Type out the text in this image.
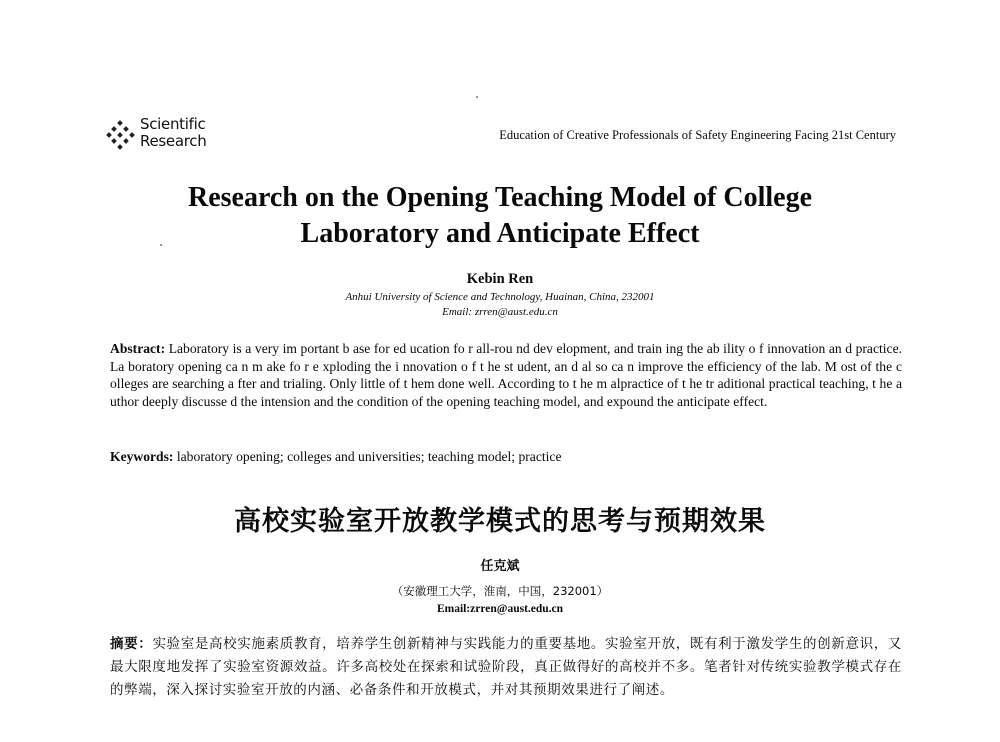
Scientific
Research	Education of Creative Professionals of Safety Engineering Facing 21st Century
Research on the Opening Teaching Model of College
Laboratory and Anticipate Effect
Kebin Ren
Anhui University of Science and Technology, Huainan, China, 232001
Email: zrren@aust.edu.cn
Abstract: Laboratory is a very im portant b ase for ed ucation fo r all-rou nd dev elopment, and train ing the ab ility o f innovation an d practice. La boratory opening ca n m ake fo r e xploding the i nnovation o f t he st udent, an d al so ca n improve the efficiency of the lab. M ost of the c olleges are searching a fter and trialing. Only little of t hem done well. According to t he m alpractice of t he tr aditional practical teaching, t he a uthor deeply discusse d the intension and the condition of the opening teaching model, and expound the anticipate effect.
Keywords: laboratory opening; colleges and universities; teaching model; practice
高校实验室开放教学模式的思考与预期效果
任克斌
（安徽理工大学，淮南，中国，232001）
Email:zrren@aust.edu.cn
摘要：实验室是高校实施素质教育，培养学生创新精神与实践能力的重要基地。实验室开放，既有利于激发学生的创新意识，又最大限度地发挥了实验室资源效益。许多高校处在探索和试验阶段，真正做得好的高校并不多。笔者针对传统实验教学模式存在的弊端，深入探讨实验室开放的内涵、必备条件和开放模式，并对其预期效果进行了阐述。
